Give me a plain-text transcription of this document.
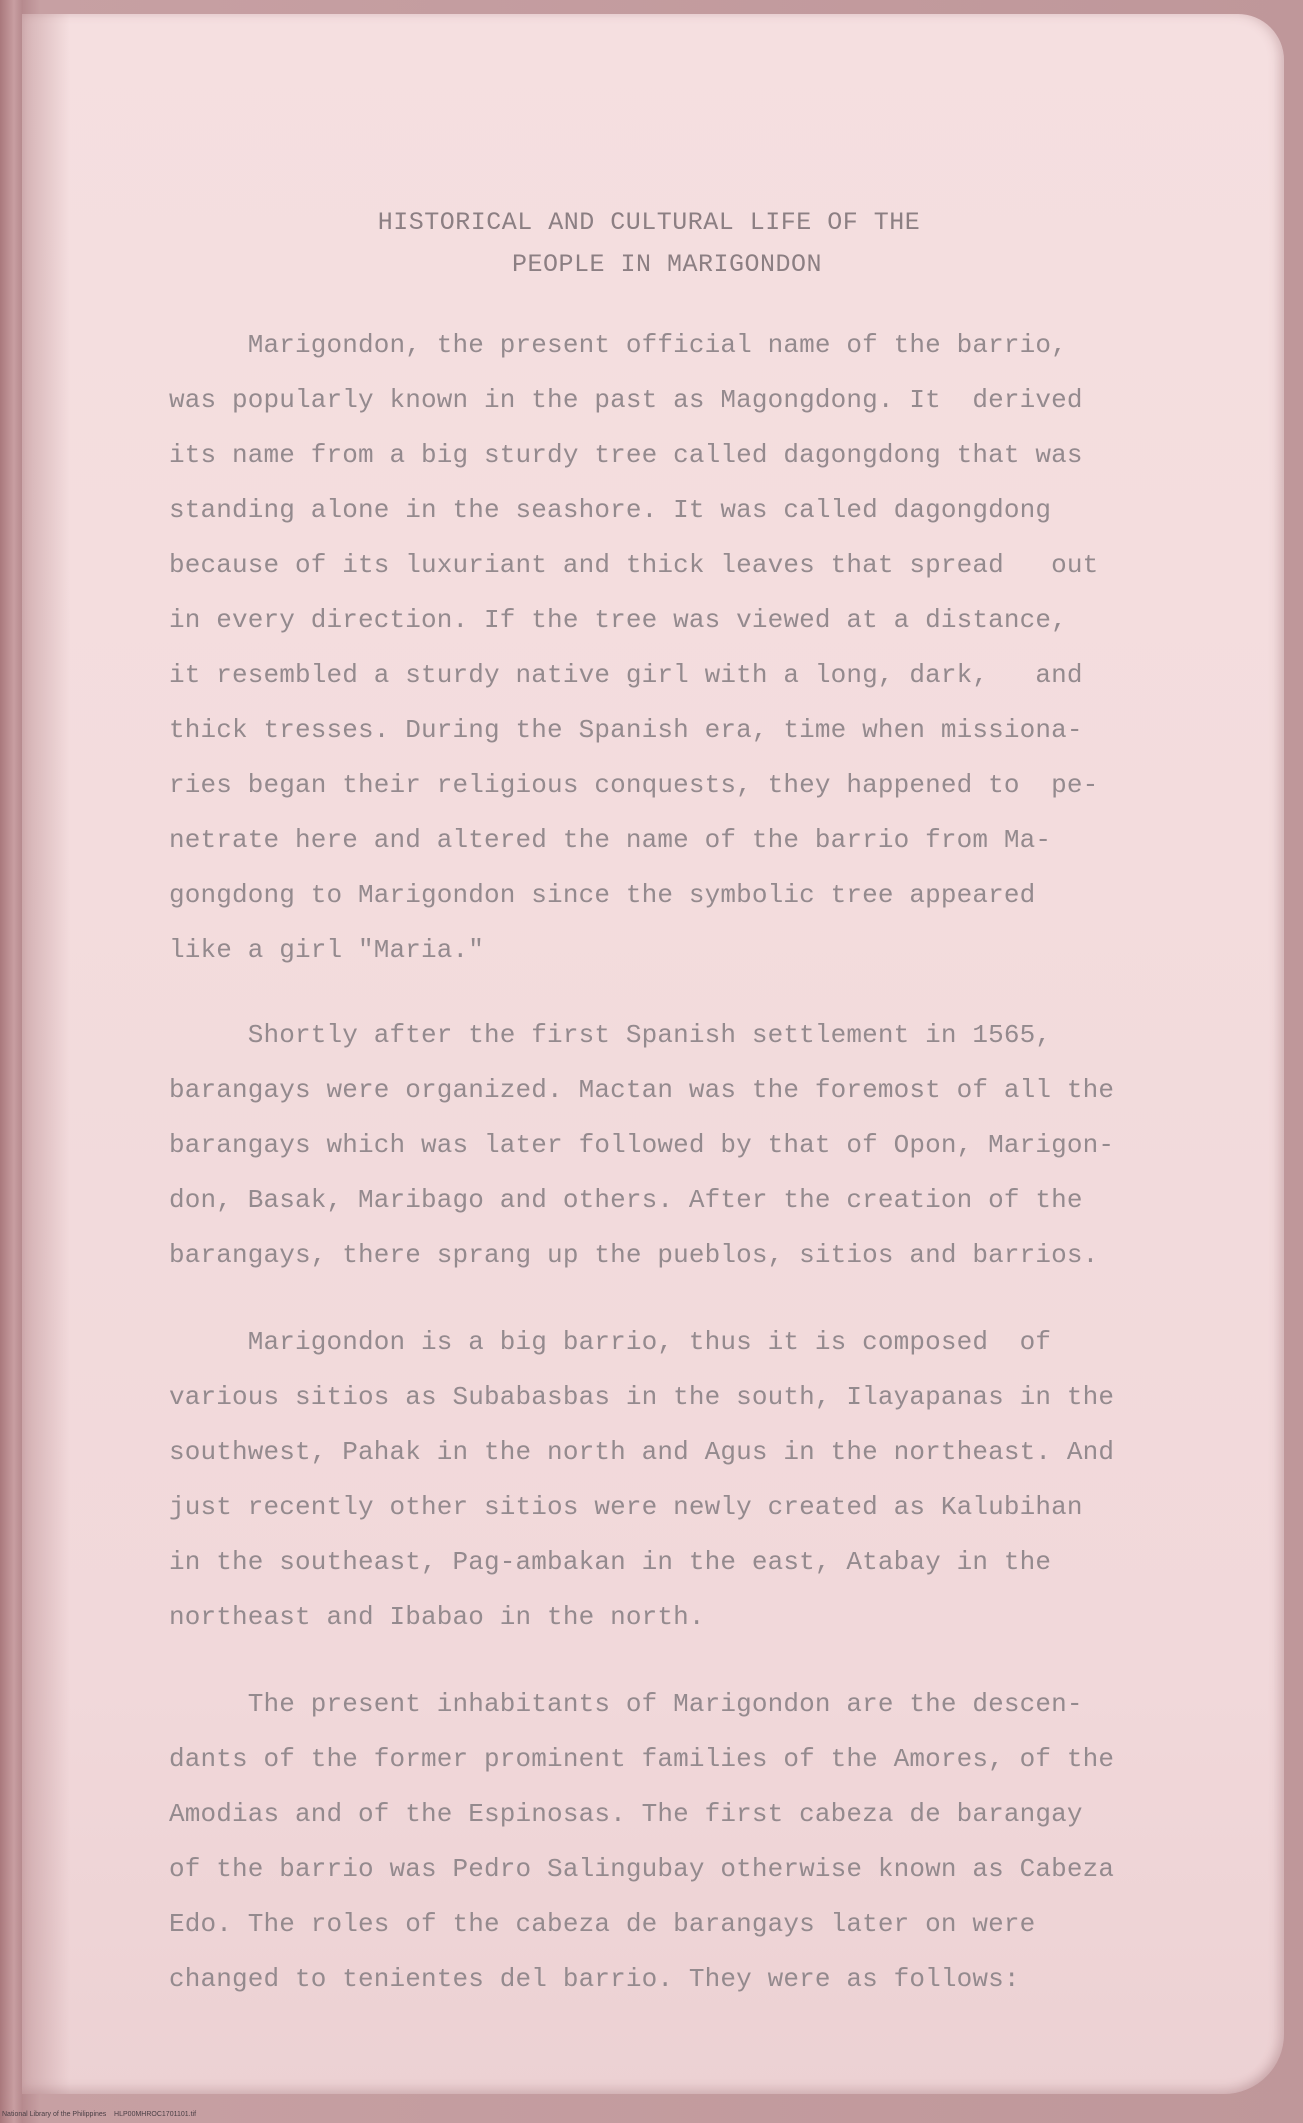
HISTORICAL AND CULTURAL LIFE OF THE
PEOPLE IN MARIGONDON
Marigondon, the present official name of the barrio,
was popularly known in the past as Magongdong. It  derived
its name from a big sturdy tree called dagongdong that was
standing alone in the seashore. It was called dagongdong
because of its luxuriant and thick leaves that spread   out
in every direction. If the tree was viewed at a distance,
it resembled a sturdy native girl with a long, dark,   and
thick tresses. During the Spanish era, time when missiona-
ries began their religious conquests, they happened to  pe-
netrate here and altered the name of the barrio from Ma-
gongdong to Marigondon since the symbolic tree appeared
like a girl "Maria."
Shortly after the first Spanish settlement in 1565,
barangays were organized. Mactan was the foremost of all the
barangays which was later followed by that of Opon, Marigon-
don, Basak, Maribago and others. After the creation of the
barangays, there sprang up the pueblos, sitios and barrios.
Marigondon is a big barrio, thus it is composed  of
various sitios as Subabasbas in the south, Ilayapanas in the
southwest, Pahak in the north and Agus in the northeast. And
just recently other sitios were newly created as Kalubihan
in the southeast, Pag-ambakan in the east, Atabay in the
northeast and Ibabao in the north.
The present inhabitants of Marigondon are the descen-
dants of the former prominent families of the Amores, of the
Amodias and of the Espinosas. The first cabeza de barangay
of the barrio was Pedro Salingubay otherwise known as Cabeza
Edo. The roles of the cabeza de barangays later on were
changed to tenientes del barrio. They were as follows:
National Library of the Philippines    HLP00MHROC1701101.tif
